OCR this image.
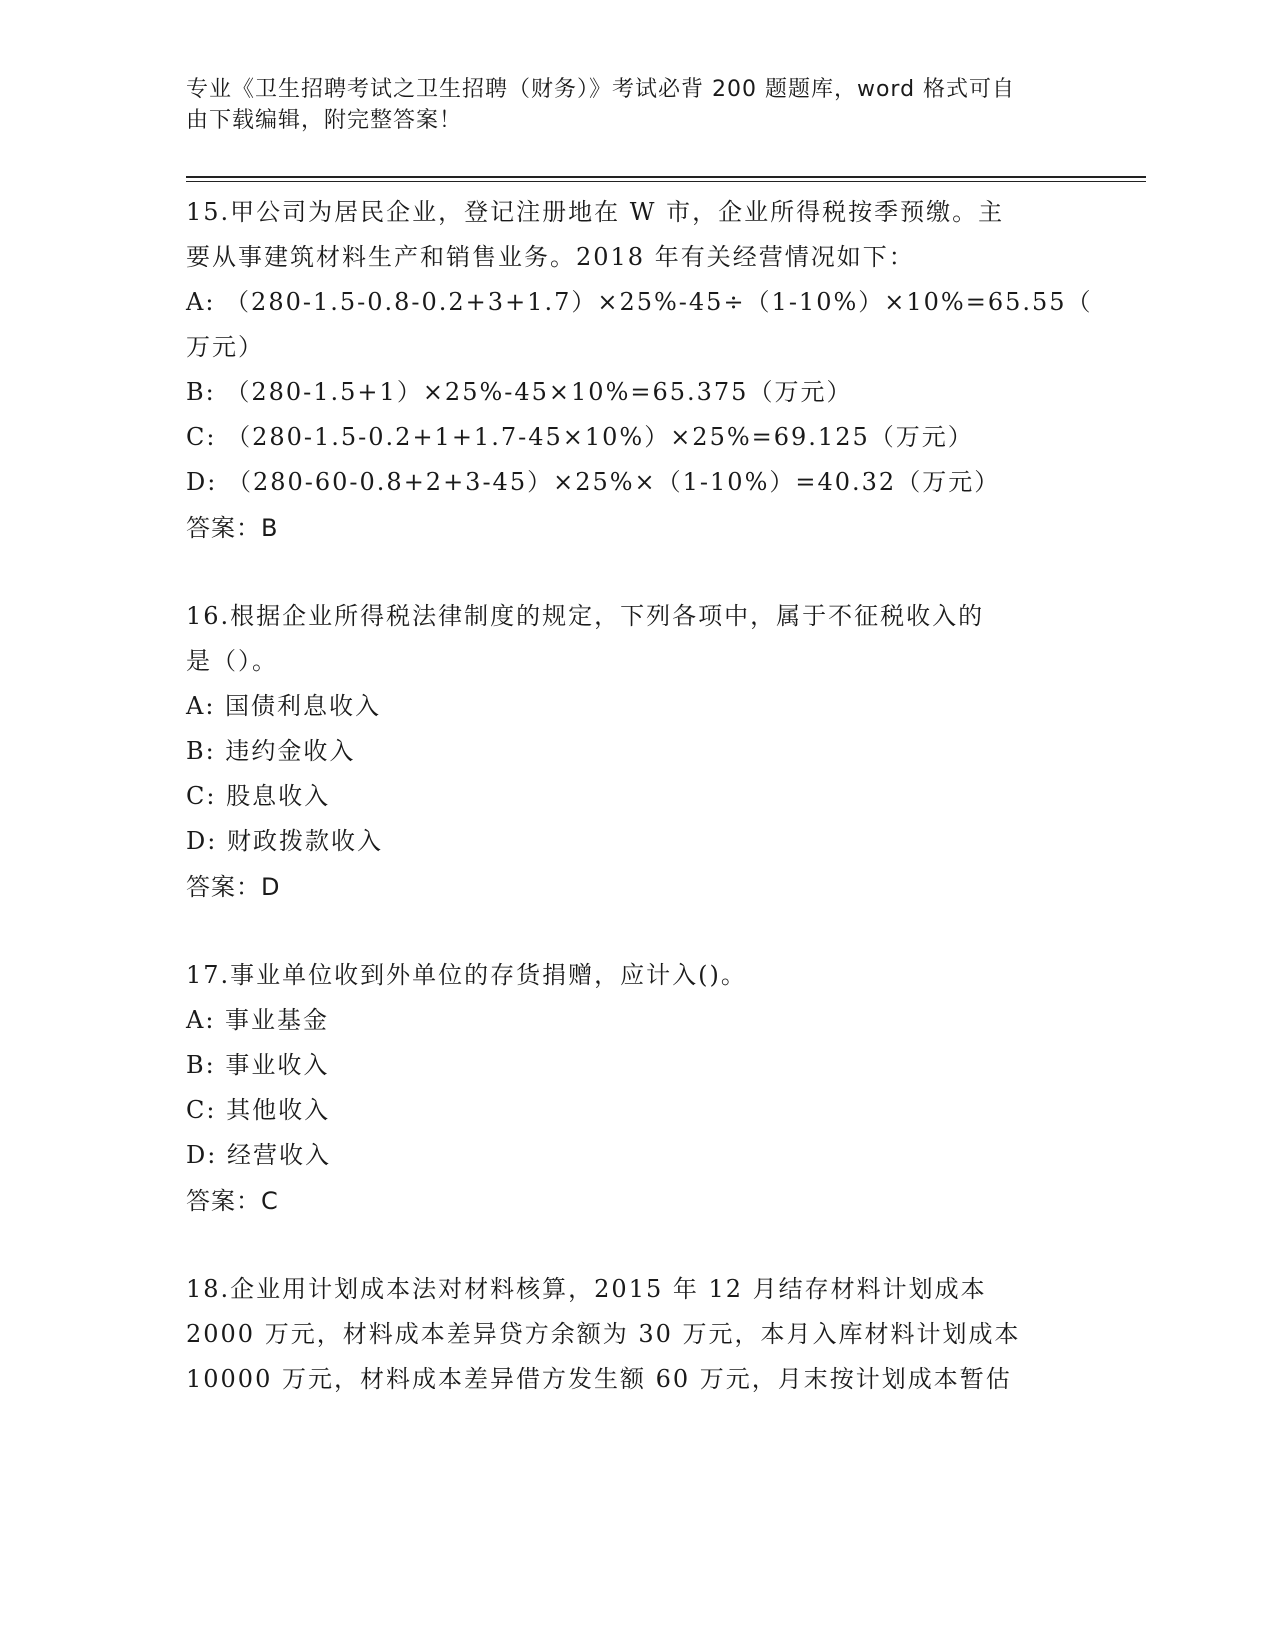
专业《卫生招聘考试之卫生招聘（财务）》考试必背 200 题题库，word 格式可自
由下载编辑，附完整答案！
15.甲公司为居民企业，登记注册地在 W 市，企业所得税按季预缴。主
要从事建筑材料生产和销售业务。2018 年有关经营情况如下：
A: （280-1.5-0.8-0.2+3+1.7）×25%-45÷（1-10%）×10%=65.55（
万元）
B: （280-1.5+1）×25%-45×10%=65.375（万元）
C: （280-1.5-0.2+1+1.7-45×10%）×25%=69.125（万元）
D: （280-60-0.8+2+3-45）×25%×（1-10%）=40.32（万元）
答案：B
16.根据企业所得税法律制度的规定，下列各项中，属于不征税收入的
是（）。
A: 国债利息收入
B: 违约金收入
C: 股息收入
D: 财政拨款收入
答案：D
17.事业单位收到外单位的存货捐赠，应计入()。
A: 事业基金
B: 事业收入
C: 其他收入
D: 经营收入
答案：C
18.企业用计划成本法对材料核算，2015 年 12 月结存材料计划成本
2000 万元，材料成本差异贷方余额为 30 万元，本月入库材料计划成本
10000 万元，材料成本差异借方发生额 60 万元，月末按计划成本暂估
